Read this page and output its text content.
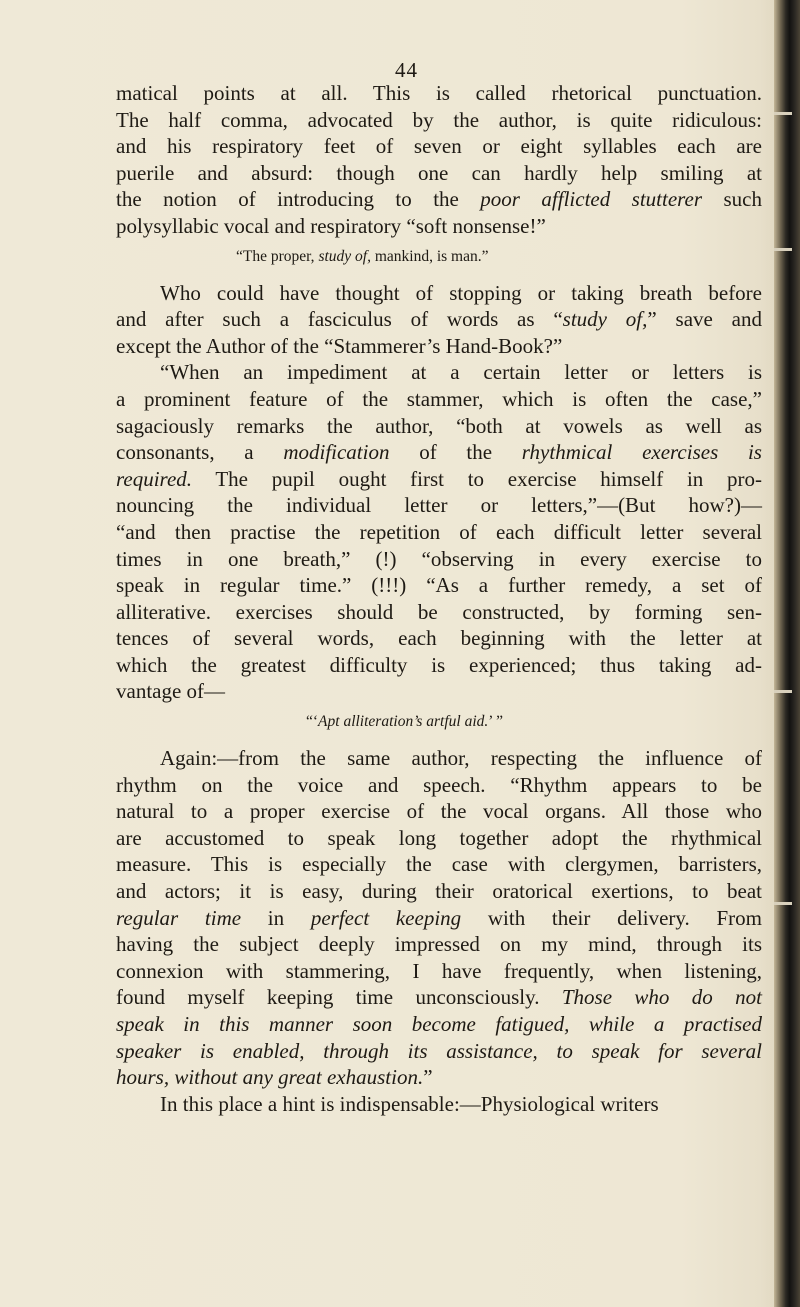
44
matical points at all. This is called rhetorical punctuation.
The half comma, advocated by the author, is quite ridiculous:
and his respiratory feet of seven or eight syllables each are
puerile and absurd: though one can hardly help smiling at
the notion of introducing to the poor afflicted stutterer such
polysyllabic vocal and respiratory “soft nonsense!”
“The proper, study of, mankind, is man.”
Who could have thought of stopping or taking breath before
and after such a fasciculus of words as “study of,” save and
except the Author of the “Stammerer’s Hand-Book?”
“When an impediment at a certain letter or letters is
a prominent feature of the stammer, which is often the case,”
sagaciously remarks the author, “both at vowels as well as
consonants, a modification of the rhythmical exercises is
required. The pupil ought first to exercise himself in pro-
nouncing the individual letter or letters,”—(But how?)—
“and then practise the repetition of each difficult letter several
times in one breath,” (!) “observing in every exercise to
speak in regular time.” (!!!) “As a further remedy, a set of
alliterative. exercises should be constructed, by forming sen-
tences of several words, each beginning with the letter at
which the greatest difficulty is experienced; thus taking ad-
vantage of—
“‘Apt alliteration’s artful aid.’ ”
Again:—from the same author, respecting the influence of
rhythm on the voice and speech. “Rhythm appears to be
natural to a proper exercise of the vocal organs. All those who
are accustomed to speak long together adopt the rhythmical
measure. This is especially the case with clergymen, barristers,
and actors; it is easy, during their oratorical exertions, to beat
regular time in perfect keeping with their delivery. From
having the subject deeply impressed on my mind, through its
connexion with stammering, I have frequently, when listening,
found myself keeping time unconsciously. Those who do not
speak in this manner soon become fatigued, while a practised
speaker is enabled, through its assistance, to speak for several
hours, without any great exhaustion.”
In this place a hint is indispensable:—Physiological writers
